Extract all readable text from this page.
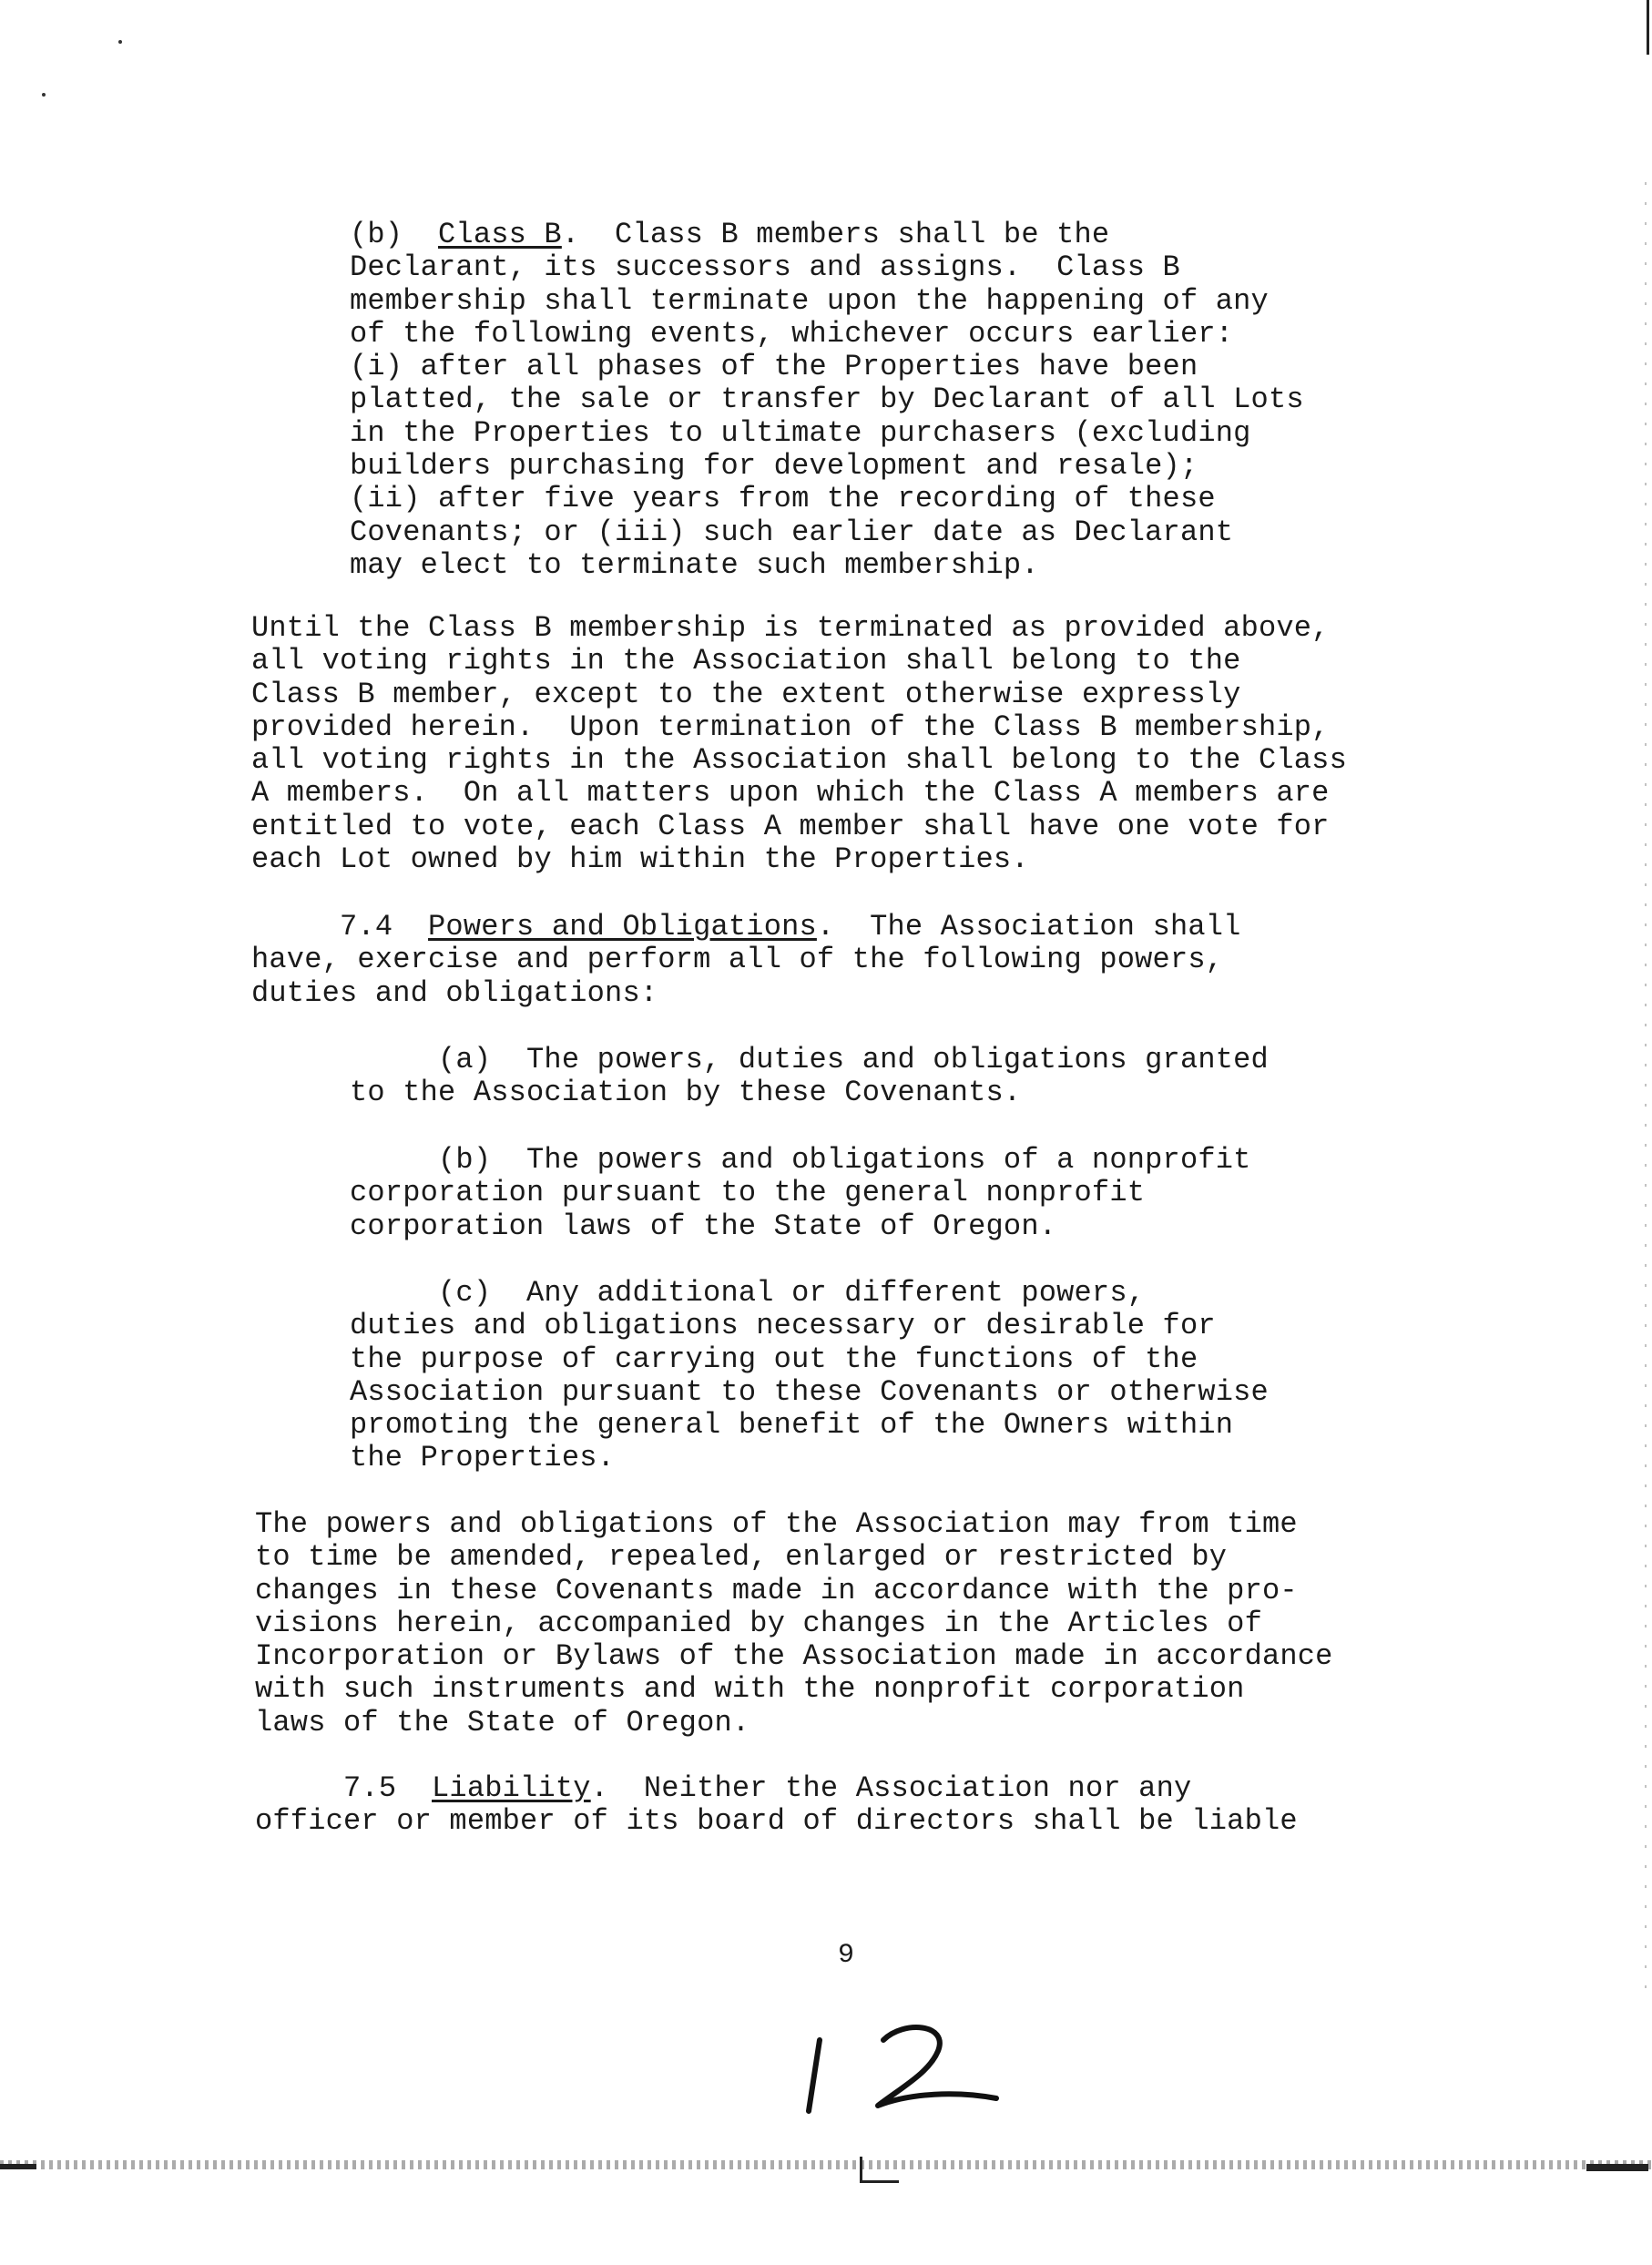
(b)  Class B.  Class B members shall be the
Declarant, its successors and assigns.  Class B
membership shall terminate upon the happening of any
of the following events, whichever occurs earlier:
(i) after all phases of the Properties have been
platted, the sale or transfer by Declarant of all Lots
in the Properties to ultimate purchasers (excluding
builders purchasing for development and resale);
(ii) after five years from the recording of these
Covenants; or (iii) such earlier date as Declarant
may elect to terminate such membership.

Until the Class B membership is terminated as provided above,
all voting rights in the Association shall belong to the
Class B member, except to the extent otherwise expressly
provided herein.  Upon termination of the Class B membership,
all voting rights in the Association shall belong to the Class
A members.  On all matters upon which the Class A members are
entitled to vote, each Class A member shall have one vote for
each Lot owned by him within the Properties.

7.4  Powers and Obligations.  The Association shall
have, exercise and perform all of the following powers,
duties and obligations:

(a)  The powers, duties and obligations granted
to the Association by these Covenants.

(b)  The powers and obligations of a nonprofit
corporation pursuant to the general nonprofit
corporation laws of the State of Oregon.

(c)  Any additional or different powers,
duties and obligations necessary or desirable for
the purpose of carrying out the functions of the
Association pursuant to these Covenants or otherwise
promoting the general benefit of the Owners within
the Properties.

The powers and obligations of the Association may from time
to time be amended, repealed, enlarged or restricted by
changes in these Covenants made in accordance with the pro-
visions herein, accompanied by changes in the Articles of
Incorporation or Bylaws of the Association made in accordance
with such instruments and with the nonprofit corporation
laws of the State of Oregon.

7.5  Liability.  Neither the Association nor any
officer or member of its board of directors shall be liable

9
